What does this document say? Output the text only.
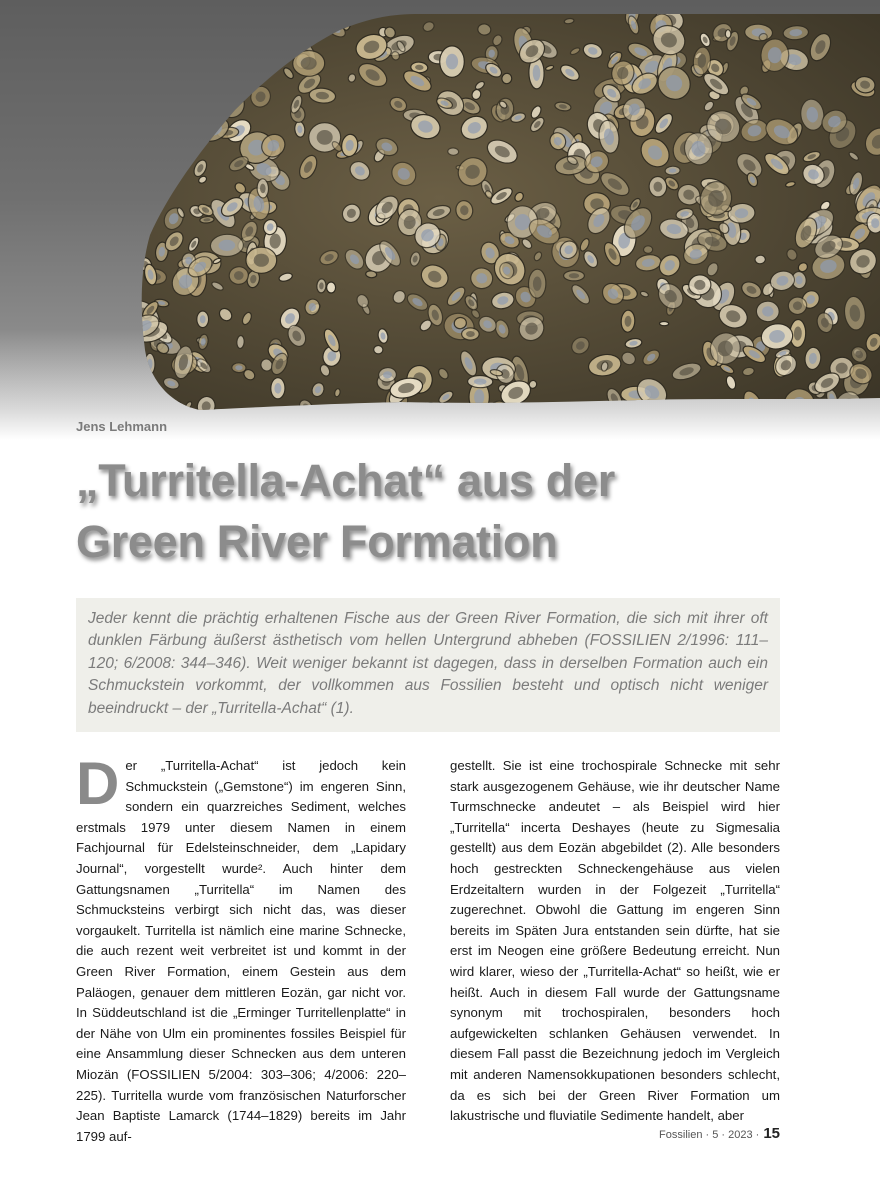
Jens Lehmann
„Turritella-Achat“ aus der
Green River Formation

Jeder kennt die prächtig erhaltenen Fische aus der Green River Formation, die sich mit ihrer oft dunklen Färbung äußerst ästhetisch vom hellen Untergrund abheben (FOSSILIEN 2/1996: 111–120; 6/2008: 344–346). Weit weniger bekannt ist dagegen, dass in derselben Formation auch ein Schmuckstein vorkommt, der vollkommen aus Fossilien besteht und optisch nicht weniger beeindruckt – der „Turritella-Achat“ (1).

Der „Turritella-Achat“ ist jedoch kein Schmuckstein („Gemstone“) im engeren Sinn, sondern ein quarzreiches Sediment, welches erstmals 1979 unter diesem Namen in einem Fachjournal für Edelsteinschneider, dem „Lapidary Journal“, vorgestellt wurde². Auch hinter dem Gattungsnamen „Turritella“ im Namen des Schmucksteins verbirgt sich nicht das, was dieser vorgaukelt. Turritella ist nämlich eine marine Schnecke, die auch rezent weit verbreitet ist und kommt in der Green River Formation, einem Gestein aus dem Paläogen, genauer dem mittleren Eozän, gar nicht vor. In Süddeutschland ist die „Erminger Turritellenplatte“ in der Nähe von Ulm ein prominentes fossiles Beispiel für eine Ansammlung dieser Schnecken aus dem unteren Miozän (FOSSILIEN 5/2004: 303–306; 4/2006: 220–225). Turritella wurde vom französischen Naturforscher Jean Baptiste Lamarck (1744–1829) bereits im Jahr 1799 auf-

gestellt. Sie ist eine trochospirale Schnecke mit sehr stark ausgezogenem Gehäuse, wie ihr deutscher Name Turmschnecke andeutet – als Beispiel wird hier „Turritella“ incerta Deshayes (heute zu Sigmesalia gestellt) aus dem Eozän abgebildet (2). Alle besonders hoch gestreckten Schneckengehäuse aus vielen Erdzeitaltern wurden in der Folgezeit „Turritella“ zugerechnet. Obwohl die Gattung im engeren Sinn bereits im Späten Jura entstanden sein dürfte, hat sie erst im Neogen eine größere Bedeutung erreicht. Nun wird klarer, wieso der „Turritella-Achat“ so heißt, wie er heißt. Auch in diesem Fall wurde der Gattungsname synonym mit trochospiralen, besonders hoch aufgewickelten schlanken Gehäusen verwendet. In diesem Fall passt die Bezeichnung jedoch im Vergleich mit anderen Namensokkupationen besonders schlecht, da es sich bei der Green River Formation um lakustrische und fluviatile Sedimente handelt, aber

Fossilien · 5 · 2023 · 15
